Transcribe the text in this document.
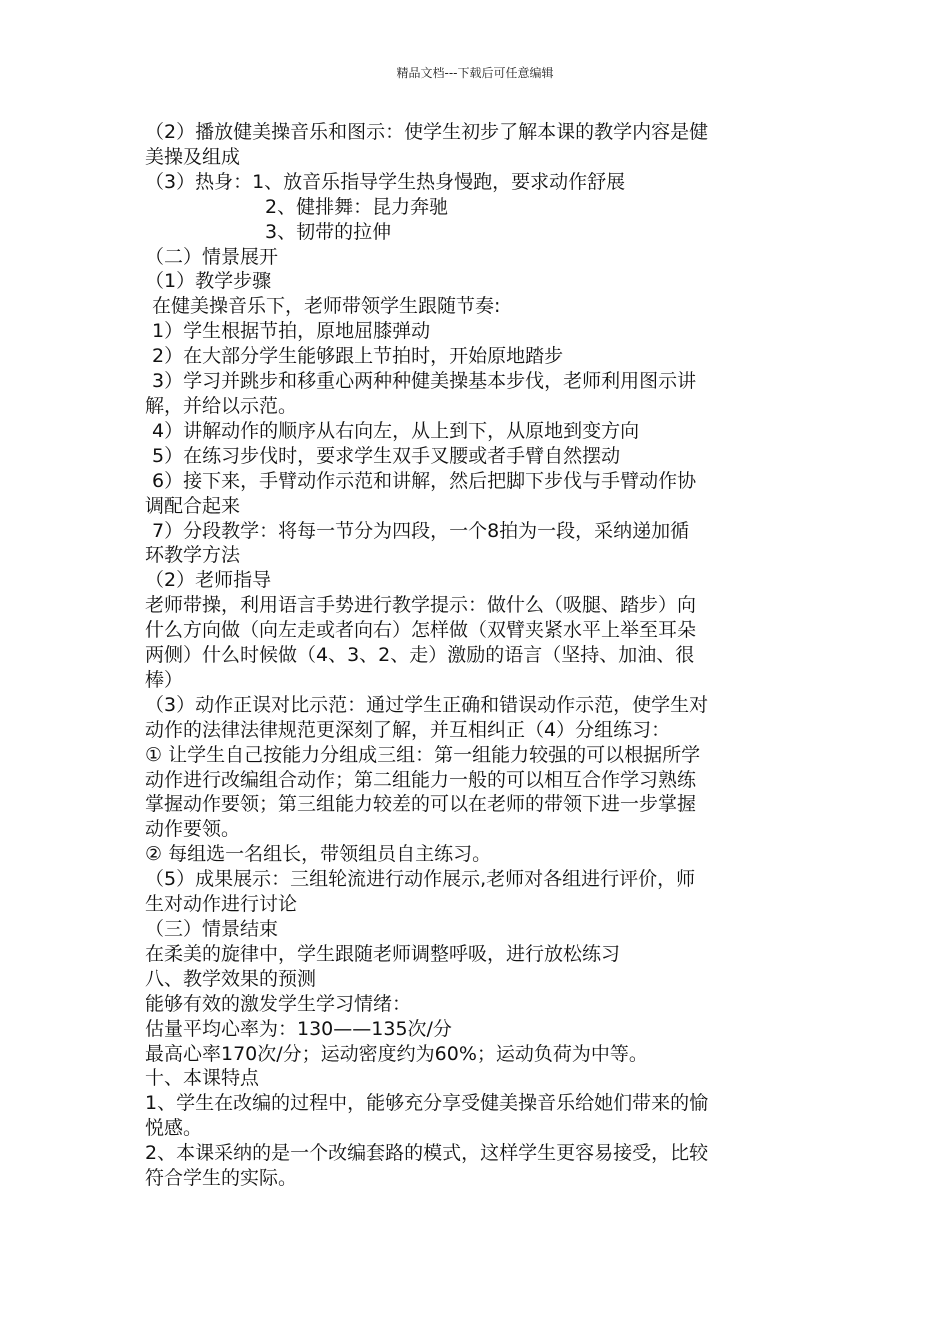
精品文档---下载后可任意编辑
（2）播放健美操音乐和图示：使学生初步了解本课的教学内容是健
美操及组成
（3）热身：1、放音乐指导学生热身慢跑，要求动作舒展
2、健排舞：昆力奔驰
3、韧带的拉伸
（二）情景展开
（1）教学步骤
在健美操音乐下，老师带领学生跟随节奏:
1）学生根据节拍，原地屈膝弹动
2）在大部分学生能够跟上节拍时，开始原地踏步
3）学习并跳步和移重心两种种健美操基本步伐，老师利用图示讲
解，并给以示范。
4）讲解动作的顺序从右向左，从上到下，从原地到变方向
5）在练习步伐时，要求学生双手叉腰或者手臂自然摆动
6）接下来，手臂动作示范和讲解，然后把脚下步伐与手臂动作协
调配合起来
7）分段教学：将每一节分为四段，一个8拍为一段，采纳递加循
环教学方法
（2）老师指导
老师带操，利用语言手势进行教学提示：做什么（吸腿、踏步）向
什么方向做（向左走或者向右）怎样做（双臂夹紧水平上举至耳朵
两侧）什么时候做（4、3、2、走）激励的语言（坚持、加油、很
棒）
（3）动作正误对比示范：通过学生正确和错误动作示范，使学生对
动作的法律法律规范更深刻了解，并互相纠正（4）分组练习：
① 让学生自己按能力分组成三组：第一组能力较强的可以根据所学
动作进行改编组合动作；第二组能力一般的可以相互合作学习熟练
掌握动作要领；第三组能力较差的可以在老师的带领下进一步掌握
动作要领。
② 每组选一名组长，带领组员自主练习。
（5）成果展示：三组轮流进行动作展示,老师对各组进行评价，师
生对动作进行讨论
（三）情景结束
在柔美的旋律中，学生跟随老师调整呼吸，进行放松练习
八、教学效果的预测
能够有效的激发学生学习情绪：
估量平均心率为：130——135次/分
最高心率170次/分；运动密度约为60%；运动负荷为中等。
十、本课特点
1、学生在改编的过程中，能够充分享受健美操音乐给她们带来的愉
悦感。
2、本课采纳的是一个改编套路的模式，这样学生更容易接受，比较
符合学生的实际。
